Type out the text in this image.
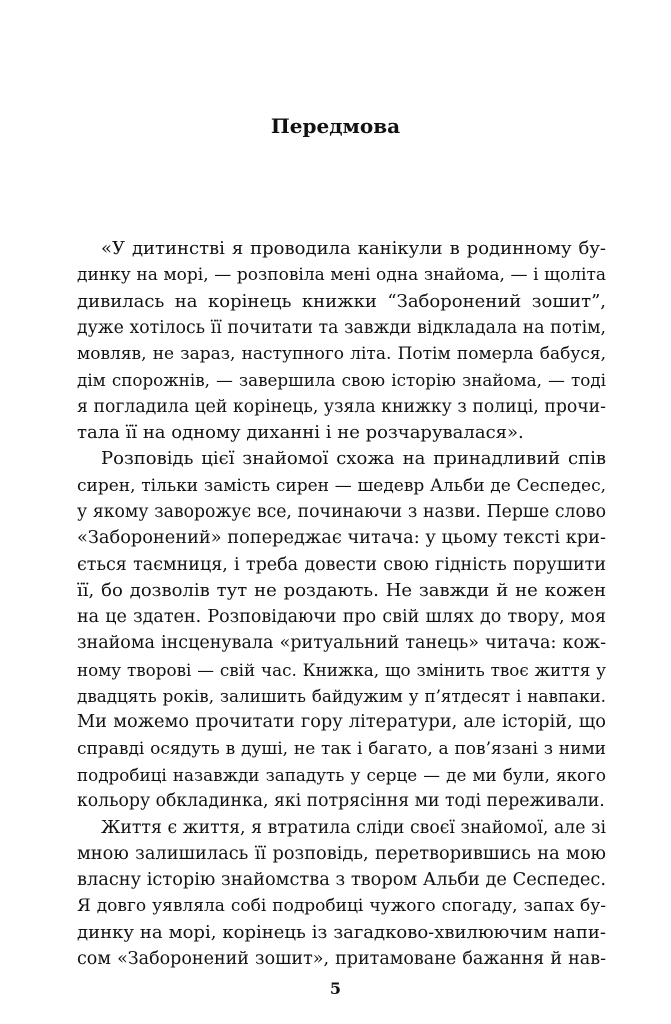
Передмова
«У дитинстві я проводила канікули в родинному бу-
динку на морі, — розповіла мені одна знайома, — і щоліта
дивилась на корінець книжки “Заборонений зошит”,
дуже хотілось її почитати та завжди відкладала на потім,
мовляв, не зараз, наступного літа. Потім померла бабуся,
дім спорожнів, — завершила свою історію знайома, — тоді
я погладила цей корінець, узяла книжку з полиці, прочи-
тала її на одному диханні і не розчарувалася».
Розповідь цієї знайомої схожа на принадливий спів
сирен, тільки замість сирен — шедевр Альби де Сеспедес,
у якому заворожує все, починаючи з назви. Перше слово
«Заборонений» попереджає читача: у цьому тексті кри-
ється таємниця, і треба довести свою гідність порушити
її, бо дозволів тут не роздають. Не завжди й не кожен
на це здатен. Розповідаючи про свій шлях до твору, моя
знайома інсценувала «ритуальний танець» читача: кож-
ному творові — свій час. Книжка, що змінить твоє життя у
двадцять років, залишить байдужим у п’ятдесят і навпаки.
Ми можемо прочитати гору літератури, але історій, що
справді осядуть в душі, не так і багато, а пов’язані з ними
подробиці назавжди западуть у серце — де ми були, якого
кольору обкладинка, які потрясіння ми тоді переживали.
Життя є життя, я втратила сліди своєї знайомої, але зі
мною залишилась її розповідь, перетворившись на мою
власну історію знайомства з твором Альби де Сеспедес.
Я довго уявляла собі подробиці чужого спогаду, запах бу-
динку на морі, корінець із загадково-хвилюючим напи-
сом «Заборонений зошит», притамоване бажання й нав-
5
